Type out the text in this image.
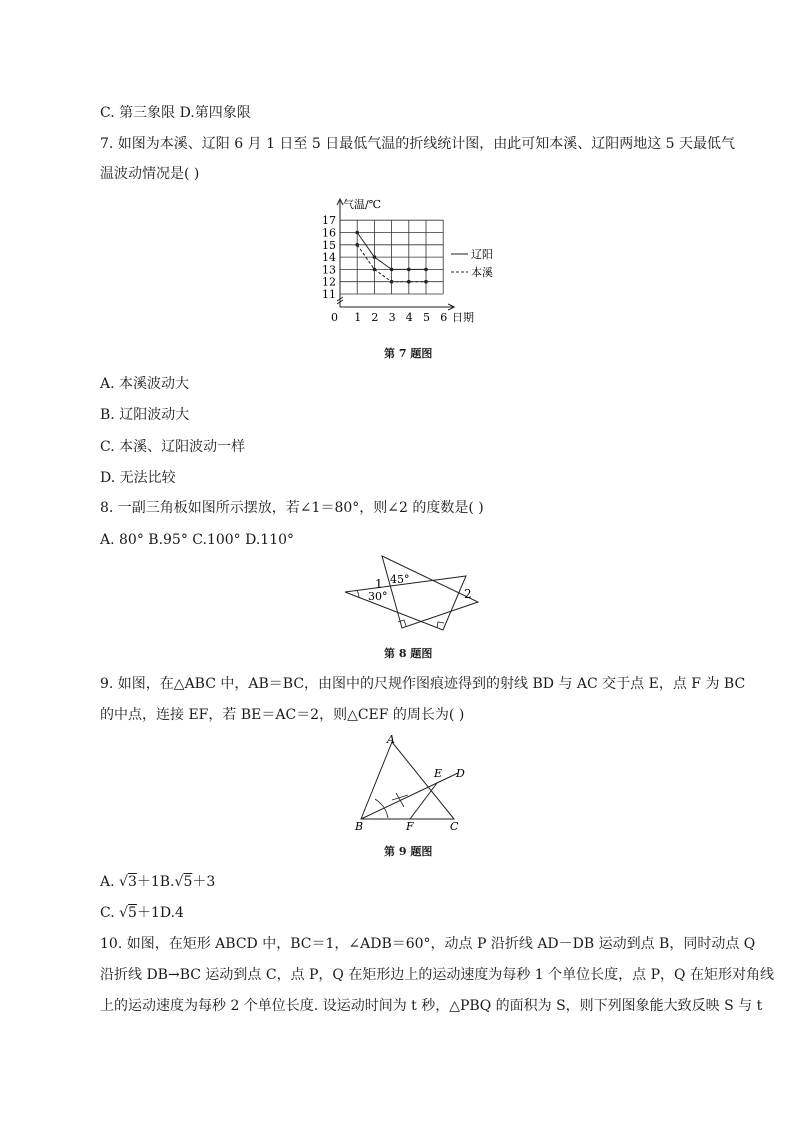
C. 第三象限 D.第四象限
7. 如图为本溪、辽阳 6 月 1 日至 5 日最低气温的折线统计图，由此可知本溪、辽阳两地这 5 天最低气
温波动情况是( )
气温/℃
日期
0
11
12
13
14
15
16
17
1 2 3 4 5 6
辽阳
本溪
第 7 题图
A. 本溪波动大
B. 辽阳波动大
C. 本溪、辽阳波动一样
D. 无法比较
8. 一副三角板如图所示摆放，若∠1＝80°，则∠2 的度数是( )
A. 80° B.95° C.100° D.110°
45°
30°
1
2
第 8 题图
9. 如图，在△ABC 中，AB＝BC，由图中的尺规作图痕迹得到的射线 BD 与 AC 交于点 E，点 F 为 BC
的中点，连接 EF，若 BE＝AC＝2，则△CEF 的周长为( )
A
B	C
D
E
F
第 9 题图
A. √3＋1B.√5＋3
C. √5＋1D.4
10. 如图，在矩形 ABCD 中，BC＝1，∠ADB＝60°，动点 P 沿折线 AD－DB 运动到点 B，同时动点 Q
沿折线 DB→BC 运动到点 C，点 P，Q 在矩形边上的运动速度为每秒 1 个单位长度，点 P，Q 在矩形对角线
上的运动速度为每秒 2 个单位长度. 设运动时间为 t 秒，△PBQ 的面积为 S，则下列图象能大致反映 S 与 t
